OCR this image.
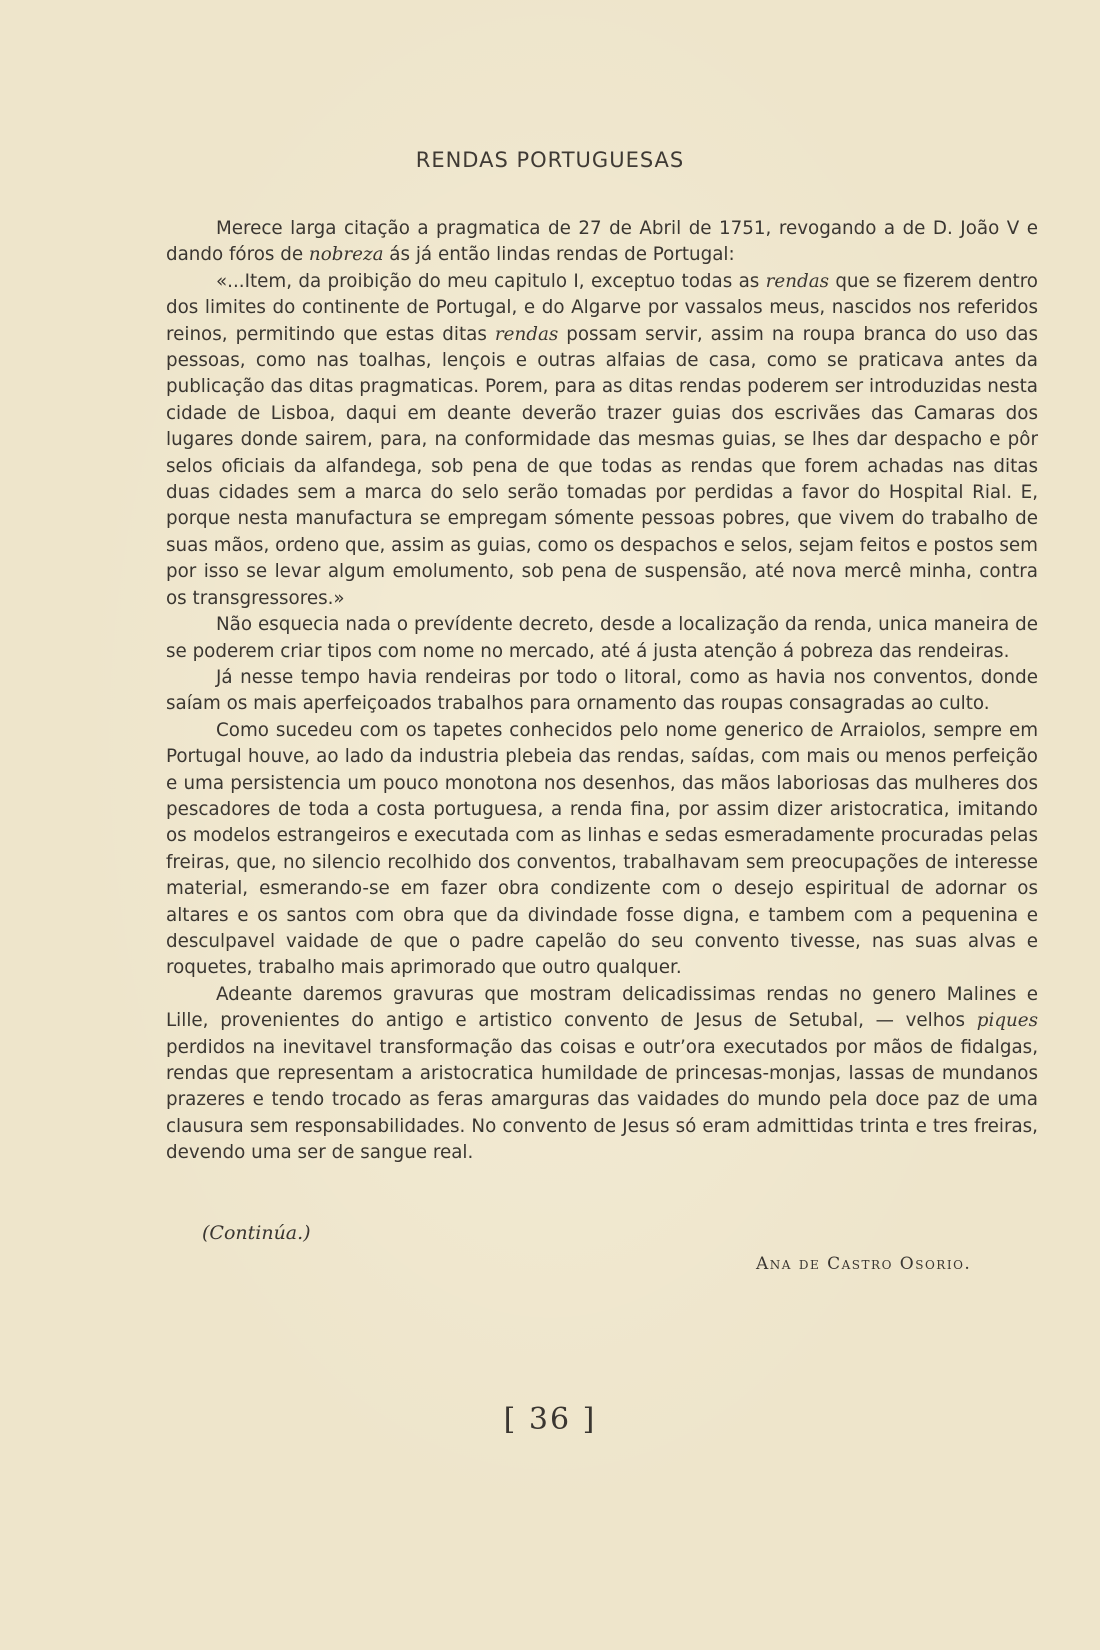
RENDAS PORTUGUESAS

Merece larga citação a pragmatica de 27 de Abril de 1751, revogando a de D. João V e dando fóros de nobreza ás já então lindas rendas de Portugal:

«...Item, da proibição do meu capitulo I, exceptuo todas as rendas que se fizerem dentro dos limites do continente de Portugal, e do Algarve por vassalos meus, nascidos nos referidos reinos, permitindo que estas ditas rendas possam servir, assim na roupa branca do uso das pessoas, como nas toalhas, lençois e outras alfaias de casa, como se praticava antes da publicação das ditas pragmaticas. Porem, para as ditas rendas poderem ser introduzidas nesta cidade de Lisboa, daqui em deante deverão trazer guias dos escrivães das Camaras dos lugares donde sairem, para, na conformidade das mesmas guias, se lhes dar despacho e pôr selos oficiais da alfandega, sob pena de que todas as rendas que forem achadas nas ditas duas cidades sem a marca do selo serão tomadas por perdidas a favor do Hospital Rial. E, porque nesta manufactura se empregam sómente pessoas pobres, que vivem do trabalho de suas mãos, ordeno que, assim as guias, como os despachos e selos, sejam feitos e postos sem por isso se levar algum emolumento, sob pena de suspensão, até nova mercê minha, contra os transgressores.»

Não esquecia nada o prevídente decreto, desde a localização da renda, unica maneira de se poderem criar tipos com nome no mercado, até á justa atenção á pobreza das rendeiras.

Já nesse tempo havia rendeiras por todo o litoral, como as havia nos conventos, donde saíam os mais aperfeiçoados trabalhos para ornamento das roupas consagradas ao culto.

Como sucedeu com os tapetes conhecidos pelo nome generico de Arraiolos, sempre em Portugal houve, ao lado da industria plebeia das rendas, saídas, com mais ou menos perfeição e uma persistencia um pouco monotona nos desenhos, das mãos laboriosas das mulheres dos pescadores de toda a costa portuguesa, a renda fina, por assim dizer aristocratica, imitando os modelos estrangeiros e executada com as linhas e sedas esmeradamente procuradas pelas freiras, que, no silencio recolhido dos conventos, trabalhavam sem preocupações de interesse material, esmerando-se em fazer obra condizente com o desejo espiritual de adornar os altares e os santos com obra que da divindade fosse digna, e tambem com a pequenina e desculpavel vaidade de que o padre capelão do seu convento tivesse, nas suas alvas e roquetes, trabalho mais aprimorado que outro qualquer.

Adeante daremos gravuras que mostram delicadissimas rendas no genero Malines e Lille, provenientes do antigo e artistico convento de Jesus de Setubal, — velhos piques perdidos na inevitavel transformação das coisas e outr’ora executados por mãos de fidalgas, rendas que representam a aristocratica humildade de princesas-monjas, lassas de mundanos prazeres e tendo trocado as feras amarguras das vaidades do mundo pela doce paz de uma clausura sem responsabilidades. No convento de Jesus só eram admittidas trinta e tres freiras, devendo uma ser de sangue real.

(Continúa.)
Ana de Castro Osorio.
[ 36 ]
